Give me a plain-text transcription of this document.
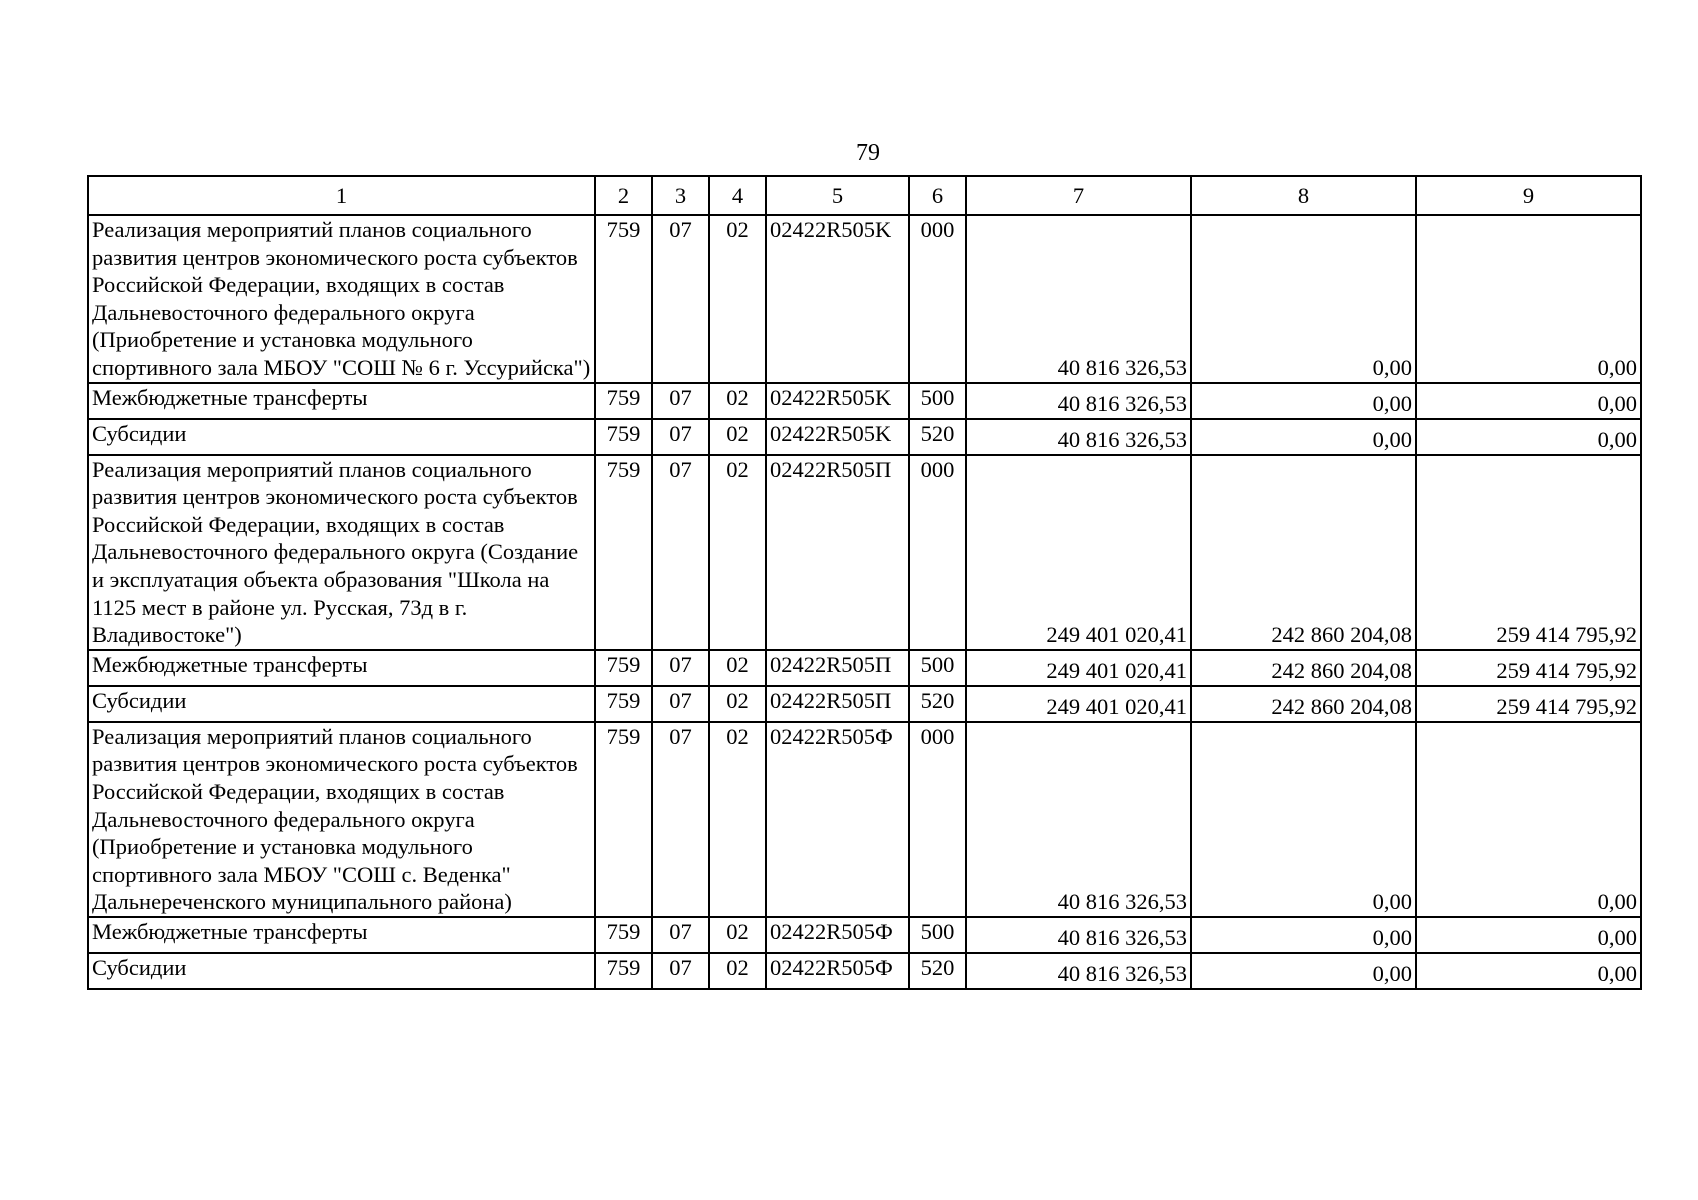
79
1	2	3	4	5	6	7	8	9
Реализация мероприятий планов социального развития центров экономического роста субъектов Российской Федерации, входящих в состав Дальневосточного федерального округа (Приобретение и установка модульного спортивного зала МБОУ "СОШ № 6 г. Уссурийска")	759	07	02	02422R505K	000	40 816 326,53	0,00	0,00
Межбюджетные трансферты	759	07	02	02422R505K	500	40 816 326,53	0,00	0,00
Субсидии	759	07	02	02422R505K	520	40 816 326,53	0,00	0,00
Реализация мероприятий планов социального развития центров экономического роста субъектов Российской Федерации, входящих в состав Дальневосточного федерального округа (Создание и эксплуатация объекта образования "Школа на 1125 мест в районе ул. Русская, 73д в г. Владивостоке")	759	07	02	02422R505П	000	249 401 020,41	242 860 204,08	259 414 795,92
Межбюджетные трансферты	759	07	02	02422R505П	500	249 401 020,41	242 860 204,08	259 414 795,92
Субсидии	759	07	02	02422R505П	520	249 401 020,41	242 860 204,08	259 414 795,92
Реализация мероприятий планов социального развития центров экономического роста субъектов Российской Федерации, входящих в состав Дальневосточного федерального округа (Приобретение и установка модульного спортивного зала МБОУ "СОШ с. Веденка" Дальнереченского муниципального района)	759	07	02	02422R505Ф	000	40 816 326,53	0,00	0,00
Межбюджетные трансферты	759	07	02	02422R505Ф	500	40 816 326,53	0,00	0,00
Субсидии	759	07	02	02422R505Ф	520	40 816 326,53	0,00	0,00
